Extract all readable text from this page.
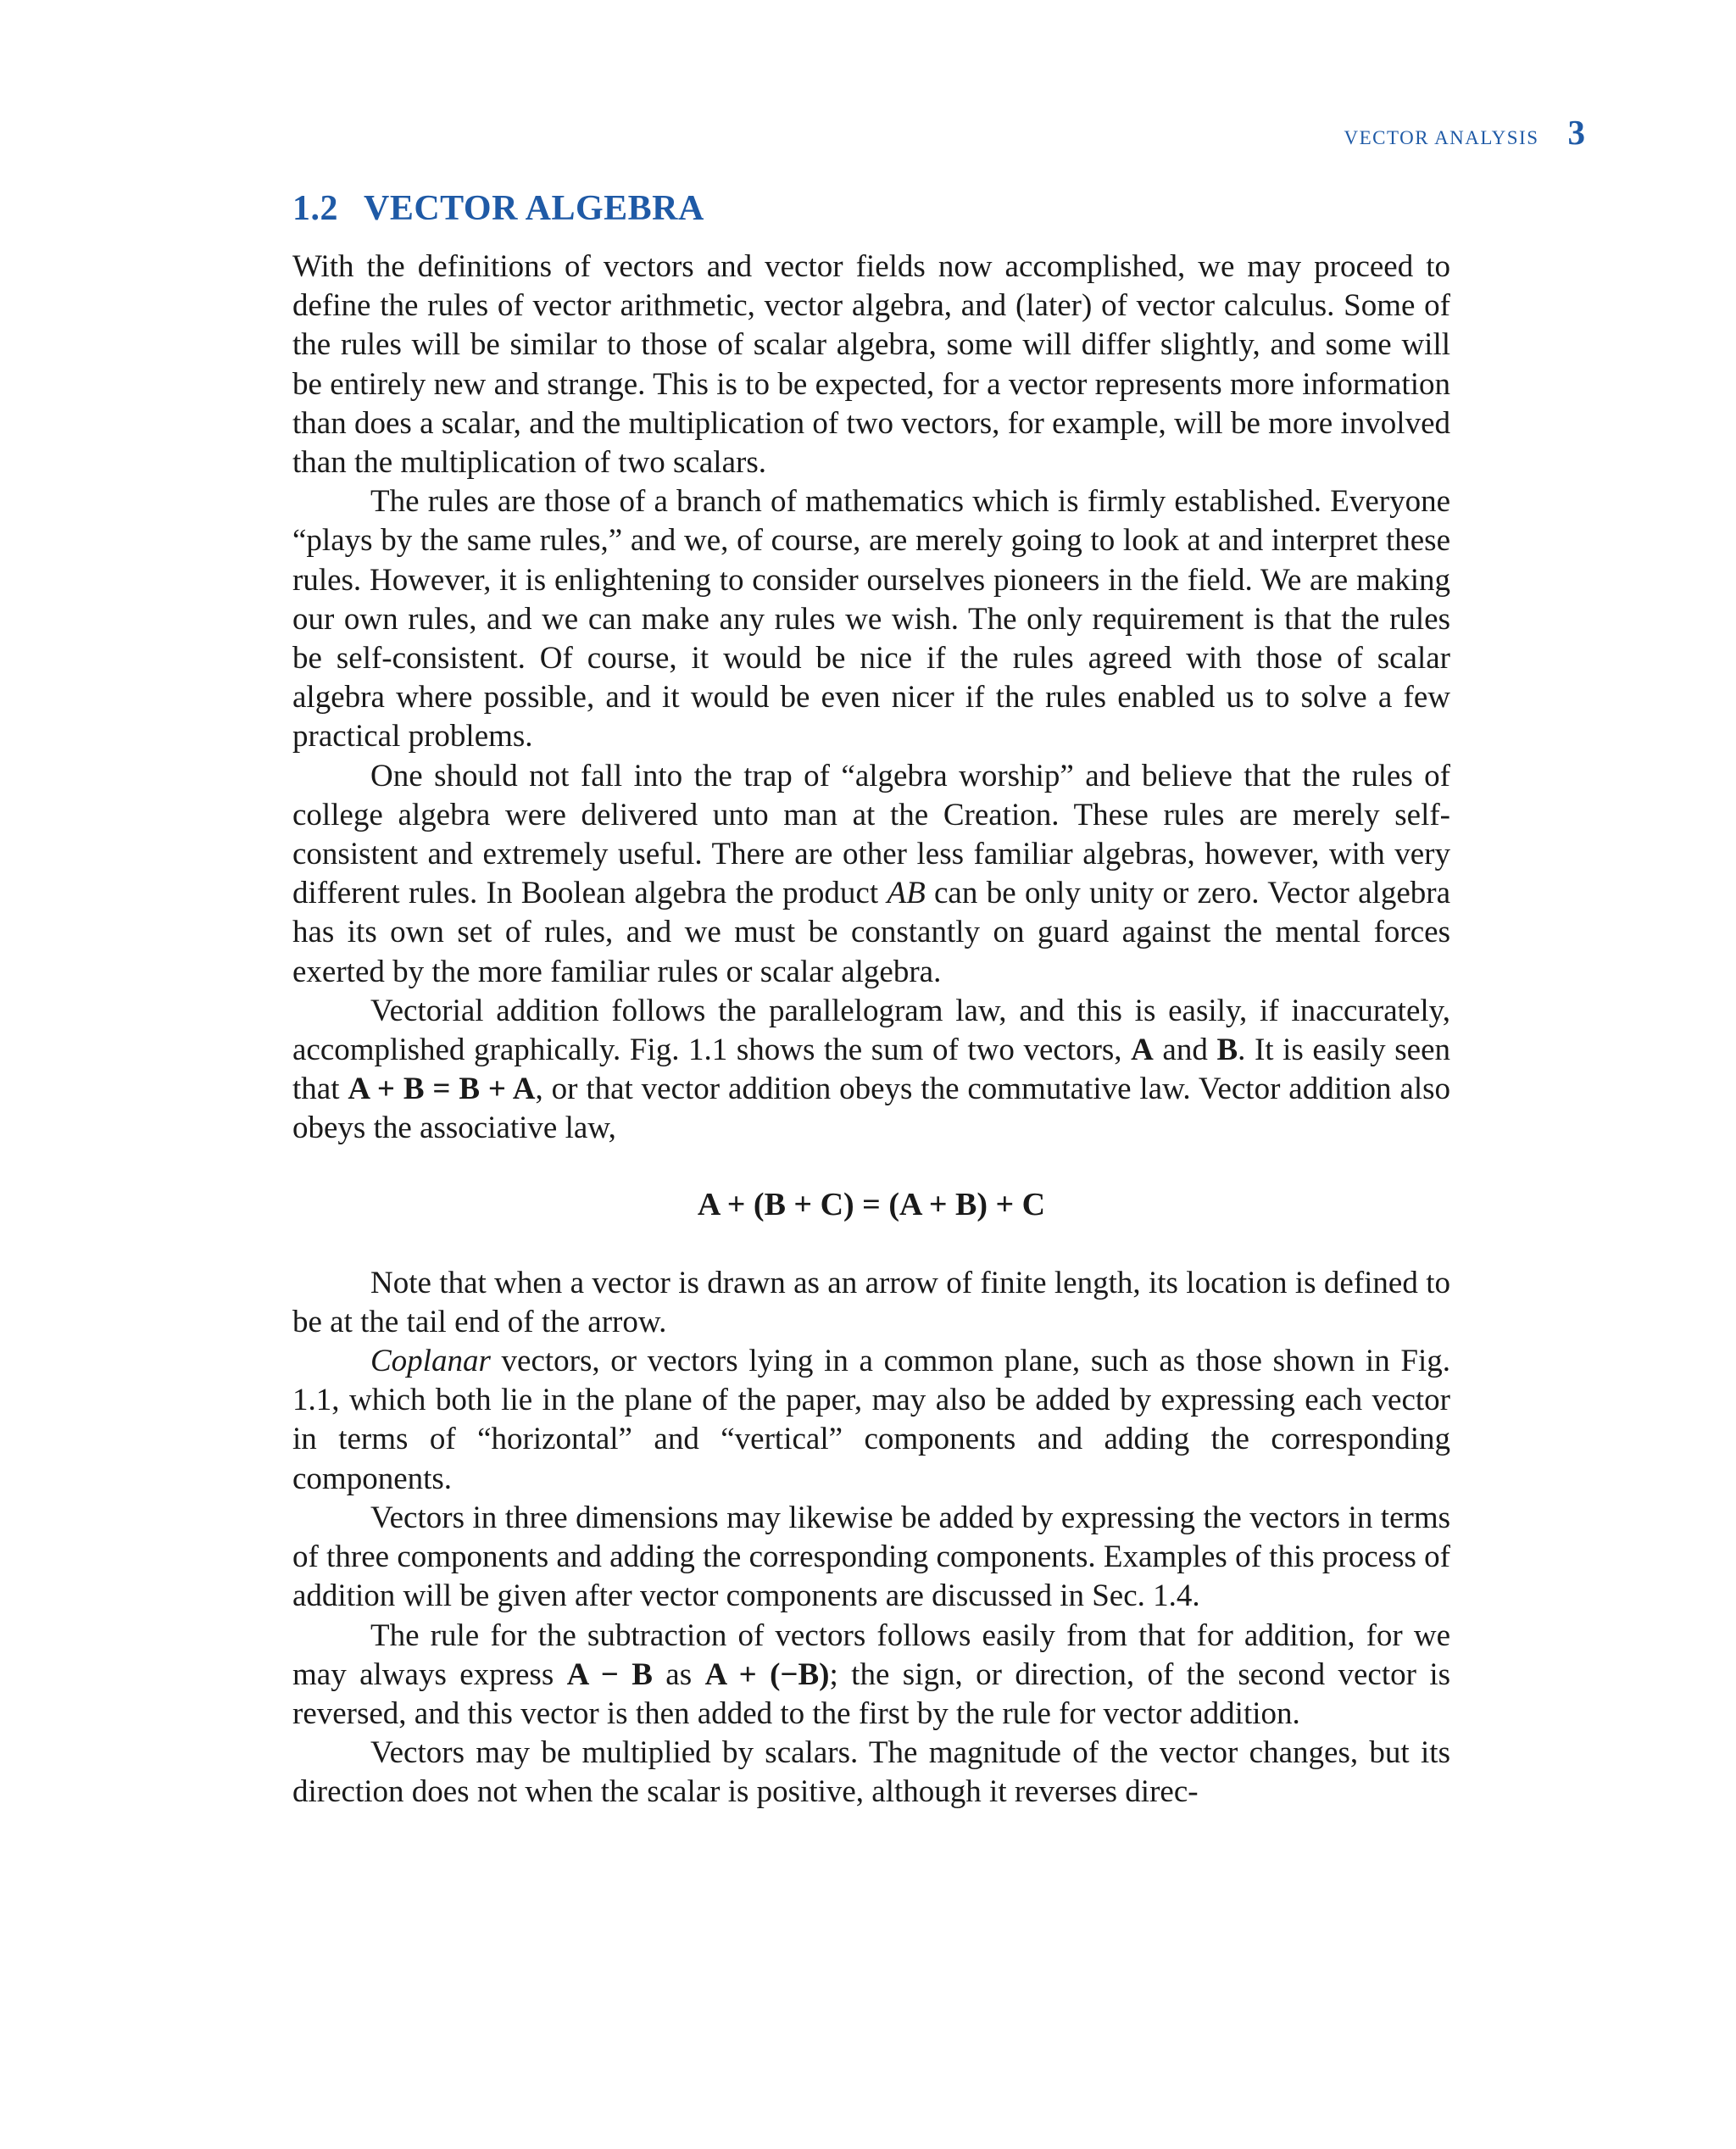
VECTOR ANALYSIS 3
1.2 VECTOR ALGEBRA

With the definitions of vectors and vector fields now accomplished, we may proceed to define the rules of vector arithmetic, vector algebra, and (later) of vector calculus. Some of the rules will be similar to those of scalar algebra, some will differ slightly, and some will be entirely new and strange. This is to be expected, for a vector represents more information than does a scalar, and the multiplication of two vectors, for example, will be more involved than the multiplication of two scalars.

The rules are those of a branch of mathematics which is firmly established. Everyone “plays by the same rules,” and we, of course, are merely going to look at and interpret these rules. However, it is enlightening to consider ourselves pioneers in the field. We are making our own rules, and we can make any rules we wish. The only requirement is that the rules be self-consistent. Of course, it would be nice if the rules agreed with those of scalar algebra where possible, and it would be even nicer if the rules enabled us to solve a few practical problems.

One should not fall into the trap of “algebra worship” and believe that the rules of college algebra were delivered unto man at the Creation. These rules are merely self-consistent and extremely useful. There are other less familiar algebras, however, with very different rules. In Boolean algebra the product AB can be only unity or zero. Vector algebra has its own set of rules, and we must be constantly on guard against the mental forces exerted by the more familiar rules or scalar algebra.

Vectorial addition follows the parallelogram law, and this is easily, if inaccurately, accomplished graphically. Fig. 1.1 shows the sum of two vectors, A and B. It is easily seen that A + B = B + A, or that vector addition obeys the commutative law. Vector addition also obeys the associative law,

A + (B + C) = (A + B) + C

Note that when a vector is drawn as an arrow of finite length, its location is defined to be at the tail end of the arrow.

Coplanar vectors, or vectors lying in a common plane, such as those shown in Fig. 1.1, which both lie in the plane of the paper, may also be added by expressing each vector in terms of “horizontal” and “vertical” components and adding the corresponding components.

Vectors in three dimensions may likewise be added by expressing the vectors in terms of three components and adding the corresponding components. Examples of this process of addition will be given after vector components are discussed in Sec. 1.4.

The rule for the subtraction of vectors follows easily from that for addition, for we may always express A − B as A + (−B); the sign, or direction, of the second vector is reversed, and this vector is then added to the first by the rule for vector addition.

Vectors may be multiplied by scalars. The magnitude of the vector changes, but its direction does not when the scalar is positive, although it reverses direc-
